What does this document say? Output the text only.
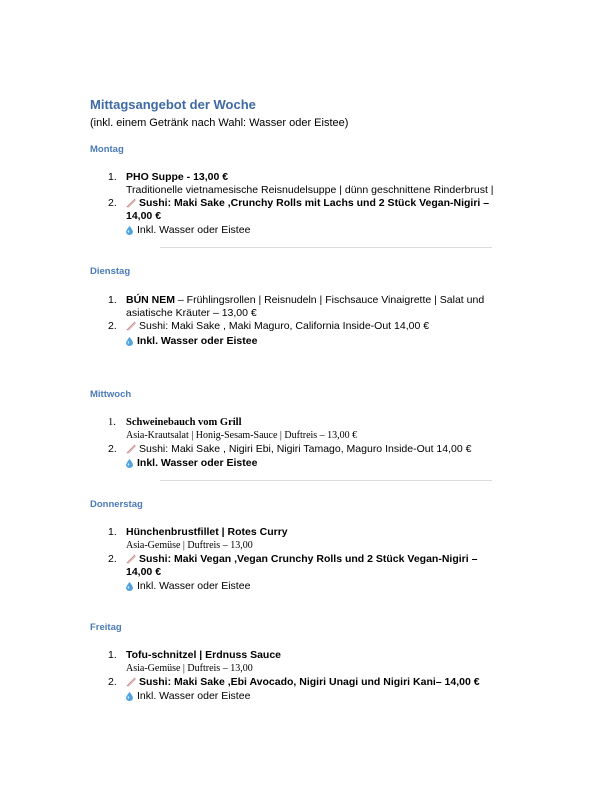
Mittagsangebot der Woche
(inkl. einem Getränk nach Wahl: Wasser oder Eistee)
Montag
1. PHO Suppe - 13,00 €
Traditionelle vietnamesische Reisnudelsuppe | dünn geschnittene Rinderbrust |
2.	Sushi: Maki Sake ,Crunchy Rolls mit Lachs und 2 Stück Vegan-Nigiri –
14,00 €
Inkl. Wasser oder Eistee
Dienstag
1. BÚN NEM – Frühlingsrollen | Reisnudeln | Fischsauce Vinaigrette | Salat und
asiatische Kräuter – 13,00 €
2.	Sushi: Maki Sake , Maki Maguro, California Inside-Out 14,00 €
Inkl. Wasser oder Eistee
Mittwoch
1. Schweinebauch vom Grill
Asia-Krautsalat | Honig-Sesam-Sauce | Duftreis – 13,00 €
2.	Sushi: Maki Sake , Nigiri Ebi, Nigiri Tamago, Maguro Inside-Out 14,00 €
Inkl. Wasser oder Eistee
Donnerstag
1. Hünchenbrustfillet | Rotes Curry
Asia-Gemüse | Duftreis – 13,00
2.	Sushi: Maki Vegan ,Vegan Crunchy Rolls und 2 Stück Vegan-Nigiri –
14,00 €
Inkl. Wasser oder Eistee
Freitag
1. Tofu-schnitzel | Erdnuss Sauce
Asia-Gemüse | Duftreis – 13,00
2.	Sushi: Maki Sake ,Ebi Avocado, Nigiri Unagi und Nigiri Kani– 14,00 €
Inkl. Wasser oder Eistee
